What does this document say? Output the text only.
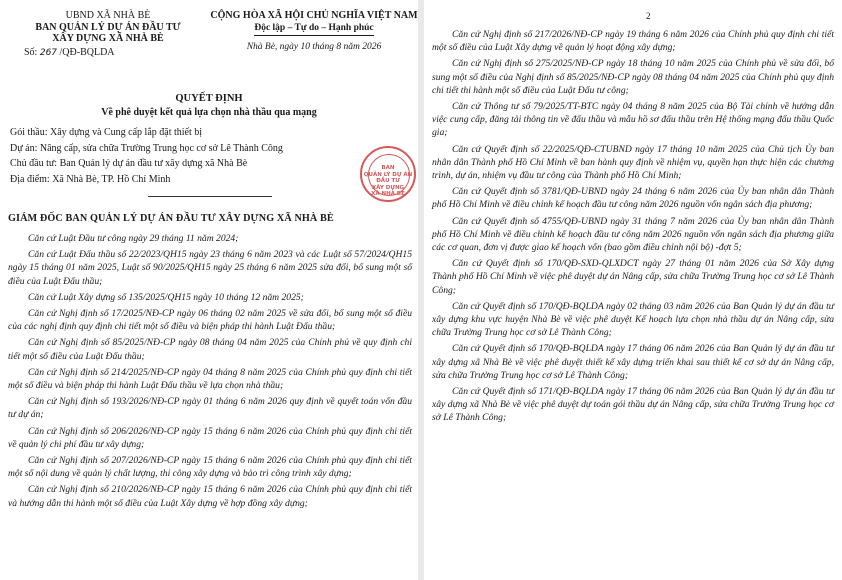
UBND XÃ NHÀ BÈ
BAN QUẢN LÝ DỰ ÁN ĐẦU TƯ
XÂY DỰNG XÃ NHÀ BÈ
Số: 267 /QĐ-BQLDA
CỘNG HÒA XÃ HỘI CHỦ NGHĨA VIỆT NAM
Độc lập – Tự do – Hạnh phúc
Nhà Bè, ngày 10 tháng 8 năm 2026
QUYẾT ĐỊNH
Về phê duyệt kết quả lựa chọn nhà thầu qua mạng
Gói thầu: Xây dựng và Cung cấp lắp đặt thiết bị
Dự án: Nâng cấp, sửa chữa Trường Trung học cơ sở Lê Thành Công
Chủ đầu tư: Ban Quản lý dự án đầu tư xây dựng xã Nhà Bè
Địa điểm: Xã Nhà Bè, TP. Hồ Chí Minh
BAN
QUẢN LÝ DỰ ÁN
ĐẦU TƯ
XÂY DỰNG
XÃ NHÀ BÈ
GIÁM ĐỐC BAN QUẢN LÝ DỰ ÁN ĐẦU TƯ XÂY DỰNG XÃ NHÀ BÈ

Căn cứ Luật Đầu tư công ngày 29 tháng 11 năm 2024;

Căn cứ Luật Đấu thầu số 22/2023/QH15 ngày 23 tháng 6 năm 2023 và các Luật số 57/2024/QH15 ngày 15 tháng 01 năm 2025, Luật số 90/2025/QH15 ngày 25 tháng 6 năm 2025 sửa đổi, bổ sung một số điều của Luật Đấu thầu;

Căn cứ Luật Xây dựng số 135/2025/QH15 ngày 10 tháng 12 năm 2025;

Căn cứ Nghị định số 17/2025/NĐ-CP ngày 06 tháng 02 năm 2025 về sửa đổi, bổ sung một số điều của các nghị định quy định chi tiết một số điều và biện pháp thi hành Luật Đấu thầu;

Căn cứ Nghị định số 85/2025/NĐ-CP ngày 08 tháng 04 năm 2025 của Chính phủ về quy định chi tiết một số điều của Luật Đấu thầu;

Căn cứ Nghị định số 214/2025/NĐ-CP ngày 04 tháng 8 năm 2025 của Chính phủ quy định chi tiết một số điều và biện pháp thi hành Luật Đấu thầu về lựa chọn nhà thầu;

Căn cứ Nghị định số 193/2026/NĐ-CP ngày 01 tháng 6 năm 2026 quy định về quyết toán vốn đầu tư dự án;

Căn cứ Nghị định số 206/2026/NĐ-CP ngày 15 tháng 6 năm 2026 của Chính phủ quy định chi tiết về quản lý chi phí đầu tư xây dựng;

Căn cứ Nghị định số 207/2026/NĐ-CP ngày 15 tháng 6 năm 2026 của Chính phủ quy định chi tiết một số nội dung về quản lý chất lượng, thi công xây dựng và bảo trì công trình xây dựng;

Căn cứ Nghị định số 210/2026/NĐ-CP ngày 15 tháng 6 năm 2026 của Chính phủ quy định chi tiết và hướng dẫn thi hành một số điều của Luật Xây dựng về hợp đồng xây dựng;

2

Căn cứ Nghị định số 217/2026/NĐ-CP ngày 19 tháng 6 năm 2026 của Chính phủ quy định chi tiết một số điều của Luật Xây dựng về quản lý hoạt động xây dựng;

Căn cứ Nghị định số 275/2025/NĐ-CP ngày 18 tháng 10 năm 2025 của Chính phủ về sửa đổi, bổ sung một số điều của Nghị định số 85/2025/NĐ-CP ngày 08 tháng 04 năm 2025 của Chính phủ quy định chi tiết thi hành một số điều của Luật Đấu tư công;

Căn cứ Thông tư số 79/2025/TT-BTC ngày 04 tháng 8 năm 2025 của Bộ Tài chính về hướng dẫn việc cung cấp, đăng tải thông tin về đấu thầu và mẫu hồ sơ đấu thầu trên Hệ thống mạng đấu thầu Quốc gia;

Căn cứ Quyết định số 22/2025/QĐ-CTUBND ngày 17 tháng 10 năm 2025 của Chủ tịch Ủy ban nhân dân Thành phố Hồ Chí Minh về ban hành quy định về nhiệm vụ, quyền hạn thực hiện các chương trình, dự án, nhiệm vụ đầu tư công của Thành phố Hồ Chí Minh;

Căn cứ Quyết định số 3781/QĐ-UBND ngày 24 tháng 6 năm 2026 của Ủy ban nhân dân Thành phố Hồ Chí Minh về điều chỉnh kế hoạch đầu tư công năm 2026 nguồn vốn ngân sách địa phương;

Căn cứ Quyết định số 4755/QĐ-UBND ngày 31 tháng 7 năm 2026 của Ủy ban nhân dân Thành phố Hồ Chí Minh về điều chỉnh kế hoạch đầu tư công năm 2026 nguồn vốn ngân sách địa phương giữa các cơ quan, đơn vị được giao kế hoạch vốn (bao gồm điều chỉnh nội bộ) -đợt 5;

Căn cứ Quyết định số 170/QĐ-SXD-QLXDCT ngày 27 tháng 01 năm 2026 của Sở Xây dựng Thành phố Hồ Chí Minh về việc phê duyệt dự án Nâng cấp, sửa chữa Trường Trung học cơ sở Lê Thành Công;

Căn cứ Quyết định số 170/QĐ-BQLDA ngày 02 tháng 03 năm 2026 của Ban Quản lý dự án đầu tư xây dựng khu vực huyện Nhà Bè về việc phê duyệt Kế hoạch lựa chọn nhà thầu dự án Nâng cấp, sửa chữa Trường Trung học cơ sở Lê Thành Công;

Căn cứ Quyết định số 170/QĐ-BQLDA ngày 17 tháng 06 năm 2026 của Ban Quản lý dự án đầu tư xây dựng xã Nhà Bè về việc phê duyệt thiết kế xây dựng triển khai sau thiết kế cơ sở dự án Nâng cấp, sửa chữa Trường Trung học cơ sở Lê Thành Công;

Căn cứ Quyết định số 171/QĐ-BQLDA ngày 17 tháng 06 năm 2026 của Ban Quản lý dự án đầu tư xây dựng xã Nhà Bè về việc phê duyệt dự toán gói thầu dự án Nâng cấp, sửa chữa Trường Trung học cơ sở Lê Thành Công;
